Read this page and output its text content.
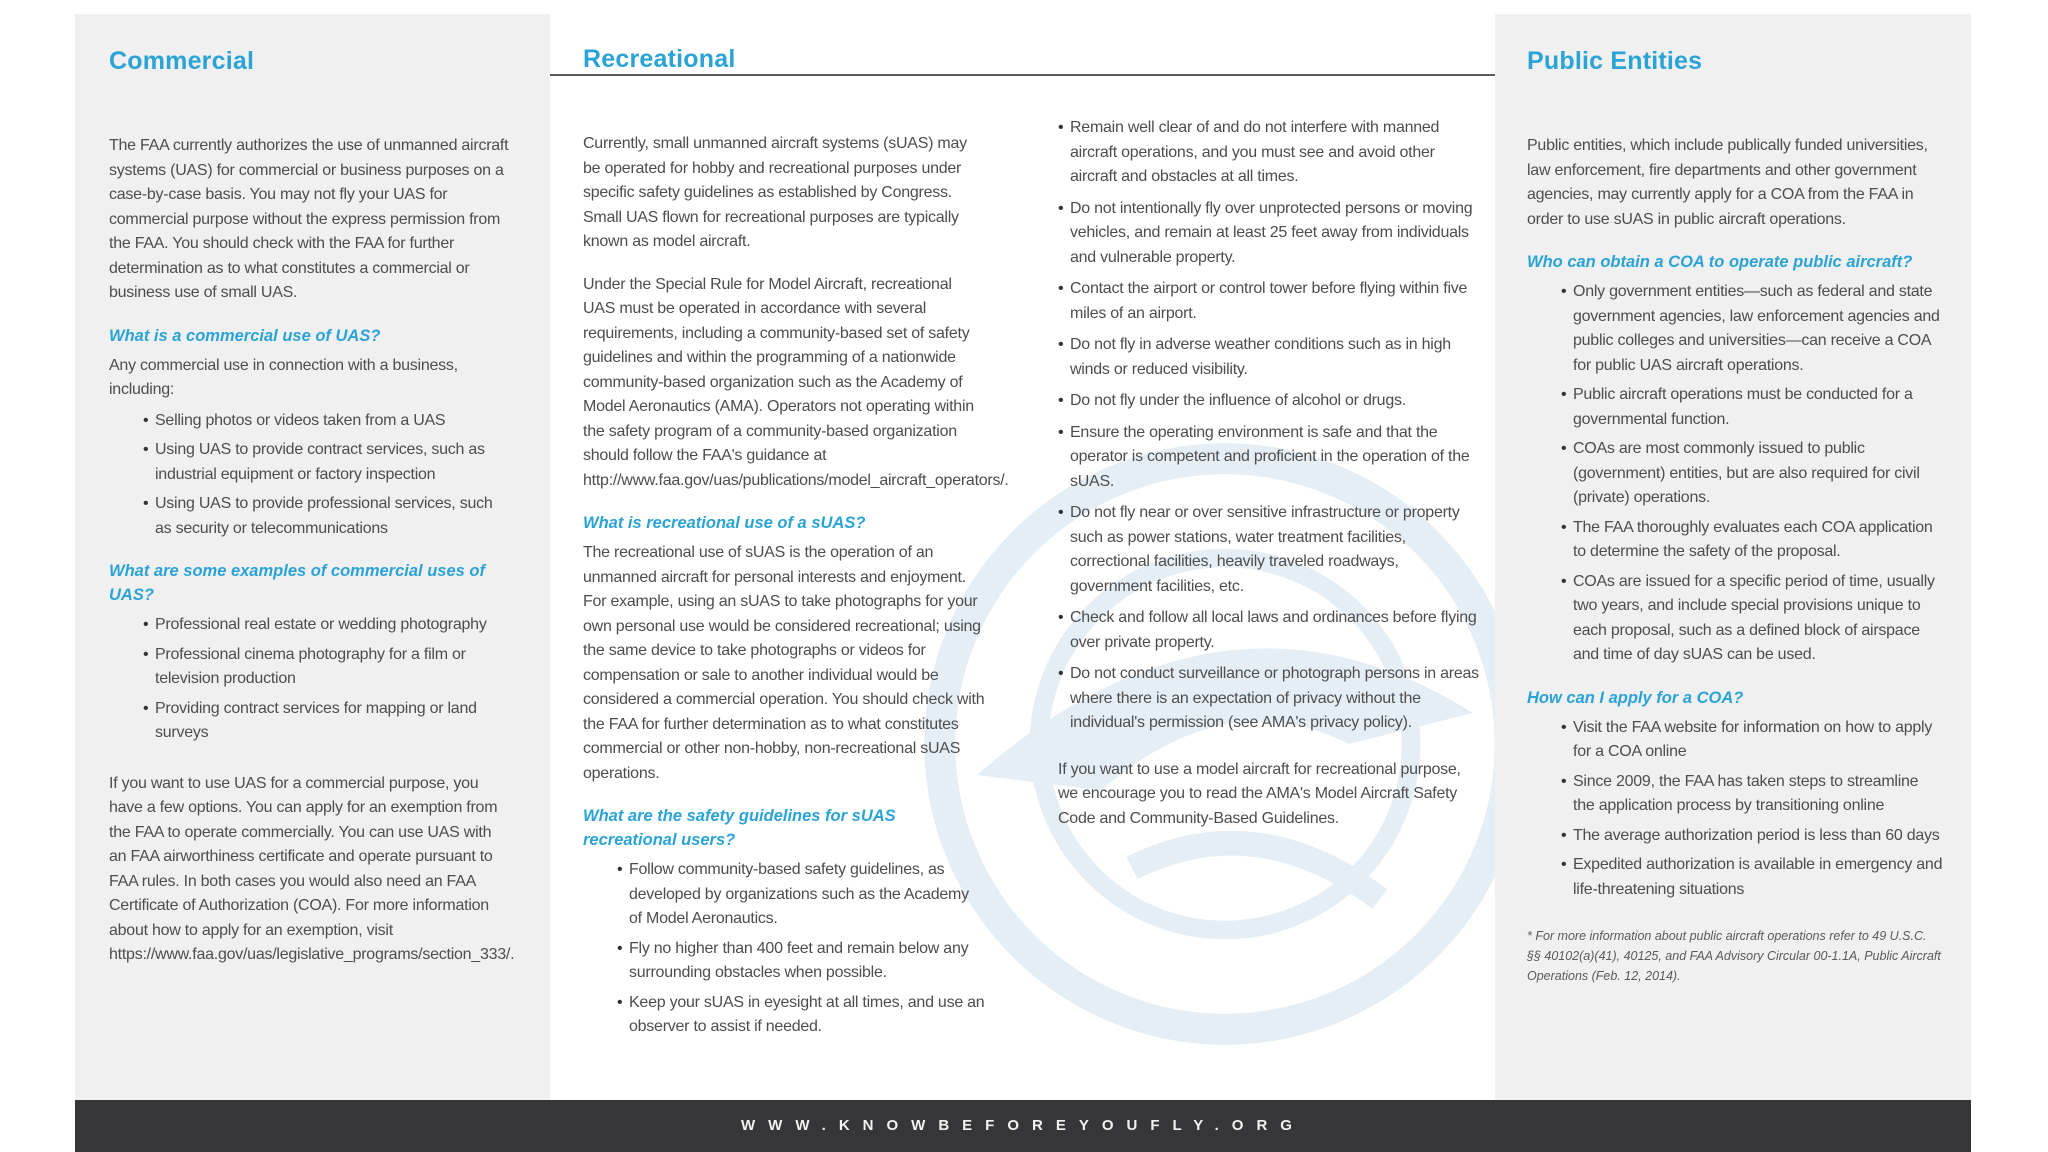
Commercial

The FAA currently authorizes the use of unmanned aircraft systems (UAS) for commercial or business purposes on a case-by-case basis. You may not fly your UAS for commercial purpose without the express permission from the FAA. You should check with the FAA for further determination as to what constitutes a commercial or business use of small UAS.

What is a commercial use of UAS?

Any commercial use in connection with a business, including:

• Selling photos or videos taken from a UAS
• Using UAS to provide contract services, such as industrial equipment or factory inspection
• Using UAS to provide professional services, such as security or telecommunications
What are some examples of commercial uses of UAS?
• Professional real estate or wedding photography
• Professional cinema photography for a film or television production
• Providing contract services for mapping or land surveys

If you want to use UAS for a commercial purpose, you have a few options. You can apply for an exemption from the FAA to operate commercially. You can use UAS with an FAA airworthiness certificate and operate pursuant to FAA rules. In both cases you would also need an FAA Certificate of Authorization (COA). For more information about how to apply for an exemption, visit https://www.faa.gov/uas/legislative_programs/section_333/.

Recreational

Currently, small unmanned aircraft systems (sUAS) may be operated for hobby and recreational purposes under specific safety guidelines as established by Congress. Small UAS flown for recreational purposes are typically known as model aircraft.

Under the Special Rule for Model Aircraft, recreational UAS must be operated in accordance with several requirements, including a community-based set of safety guidelines and within the programming of a nationwide community-based organization such as the Academy of Model Aeronautics (AMA). Operators not operating within the safety program of a community-based organization should follow the FAA's guidance at http://www.faa.gov/uas/publications/model_aircraft_operators/.

What is recreational use of a sUAS?

The recreational use of sUAS is the operation of an unmanned aircraft for personal interests and enjoyment. For example, using an sUAS to take photographs for your own personal use would be considered recreational; using the same device to take photographs or videos for compensation or sale to another individual would be considered a commercial operation. You should check with the FAA for further determination as to what constitutes commercial or other non-hobby, non-recreational sUAS operations.

What are the safety guidelines for sUAS recreational users?
• Follow community-based safety guidelines, as developed by organizations such as the Academy of Model Aeronautics.
• Fly no higher than 400 feet and remain below any surrounding obstacles when possible.
• Keep your sUAS in eyesight at all times, and use an observer to assist if needed.
• Remain well clear of and do not interfere with manned aircraft operations, and you must see and avoid other aircraft and obstacles at all times.
• Do not intentionally fly over unprotected persons or moving vehicles, and remain at least 25 feet away from individuals and vulnerable property.
• Contact the airport or control tower before flying within five miles of an airport.
• Do not fly in adverse weather conditions such as in high winds or reduced visibility.
• Do not fly under the influence of alcohol or drugs.
• Ensure the operating environment is safe and that the operator is competent and proficient in the operation of the sUAS.
• Do not fly near or over sensitive infrastructure or property such as power stations, water treatment facilities, correctional facilities, heavily traveled roadways, government facilities, etc.
• Check and follow all local laws and ordinances before flying over private property.
• Do not conduct surveillance or photograph persons in areas where there is an expectation of privacy without the individual's permission (see AMA's privacy policy).

If you want to use a model aircraft for recreational purpose, we encourage you to read the AMA's Model Aircraft Safety Code and Community-Based Guidelines.

Public Entities

Public entities, which include publically funded universities, law enforcement, fire departments and other government agencies, may currently apply for a COA from the FAA in order to use sUAS in public aircraft operations.

Who can obtain a COA to operate public aircraft?
• Only government entities—such as federal and state government agencies, law enforcement agencies and public colleges and universities—can receive a COA for public UAS aircraft operations.
• Public aircraft operations must be conducted for a governmental function.
• COAs are most commonly issued to public (government) entities, but are also required for civil (private) operations.
• The FAA thoroughly evaluates each COA application to determine the safety of the proposal.
• COAs are issued for a specific period of time, usually two years, and include special provisions unique to each proposal, such as a defined block of airspace and time of day sUAS can be used.
How can I apply for a COA?
• Visit the FAA website for information on how to apply for a COA online
• Since 2009, the FAA has taken steps to streamline the application process by transitioning online
• The average authorization period is less than 60 days
• Expedited authorization is available in emergency and life-threatening situations
* For more information about public aircraft operations refer to 49 U.S.C. §§ 40102(a)(41), 40125, and FAA Advisory Circular 00-1.1A, Public Aircraft Operations (Feb. 12, 2014).
WWW.KNOWBEFOREYOUFLY.ORG
